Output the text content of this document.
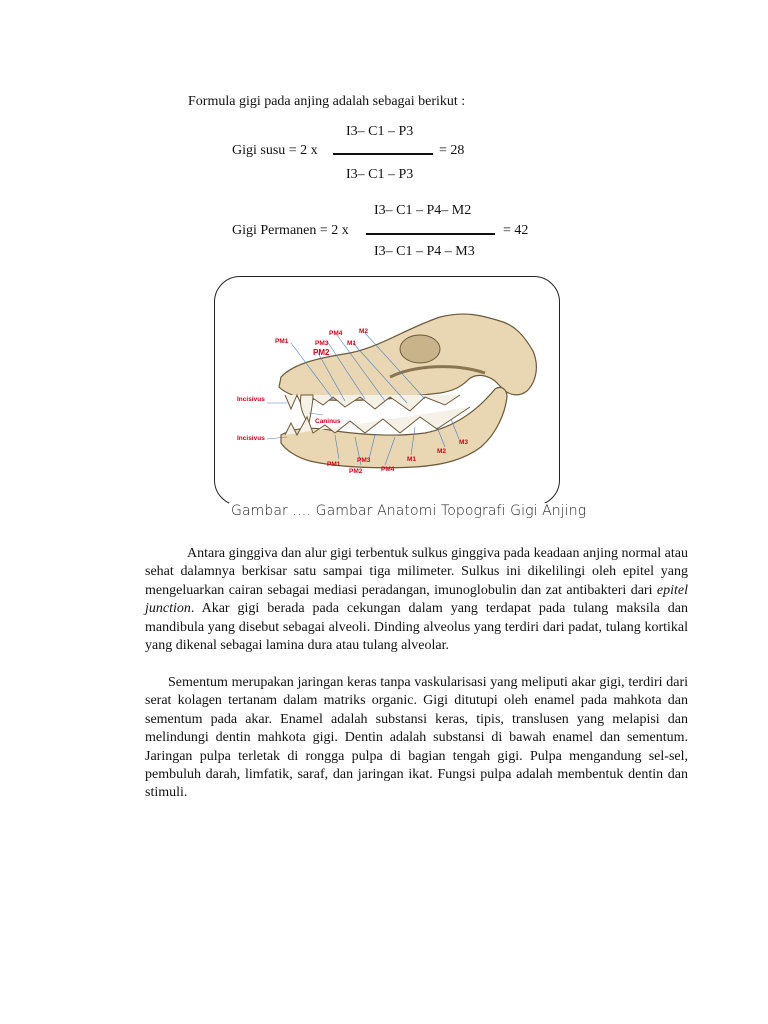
Formula gigi pada anjing adalah sebagai berikut :
I3– C1 – P3
Gigi susu = 2 x	= 28
I3– C1 – P3
I3– C1 – P4– M2
Gigi Permanen = 2 x	= 42
I3– C1 – P4 – M3
PM1
PM2
PM3
PM4
M1
M2
Incisivus
Caninus
Incisivus
PM1
PM2
PM3
PM4
M1
M2
M3
Gambar …. Gambar Anatomi Topografi Gigi Anjing

Antara ginggiva dan alur gigi terbentuk sulkus ginggiva pada keadaan anjing normal atau sehat dalamnya berkisar satu sampai tiga milimeter. Sulkus ini dikelilingi oleh epitel yang mengeluarkan cairan sebagai mediasi peradangan, imunoglobulin dan zat antibakteri dari epitel junction. Akar gigi berada pada cekungan dalam yang terdapat pada tulang maksila dan mandibula yang disebut sebagai alveoli. Dinding alveolus yang terdiri dari padat, tulang kortikal yang dikenal sebagai lamina dura atau tulang alveolar.

Sementum merupakan jaringan keras tanpa vaskularisasi yang meliputi akar gigi, terdiri dari serat kolagen tertanam dalam matriks organic. Gigi ditutupi oleh enamel pada mahkota dan sementum pada akar. Enamel adalah substansi keras, tipis, translusen yang melapisi dan melindungi dentin mahkota gigi. Dentin adalah substansi di bawah enamel dan sementum. Jaringan pulpa terletak di rongga pulpa di bagian tengah gigi. Pulpa mengandung sel-sel, pembuluh darah, limfatik, saraf, dan jaringan ikat. Fungsi pulpa adalah membentuk dentin dan stimuli.
